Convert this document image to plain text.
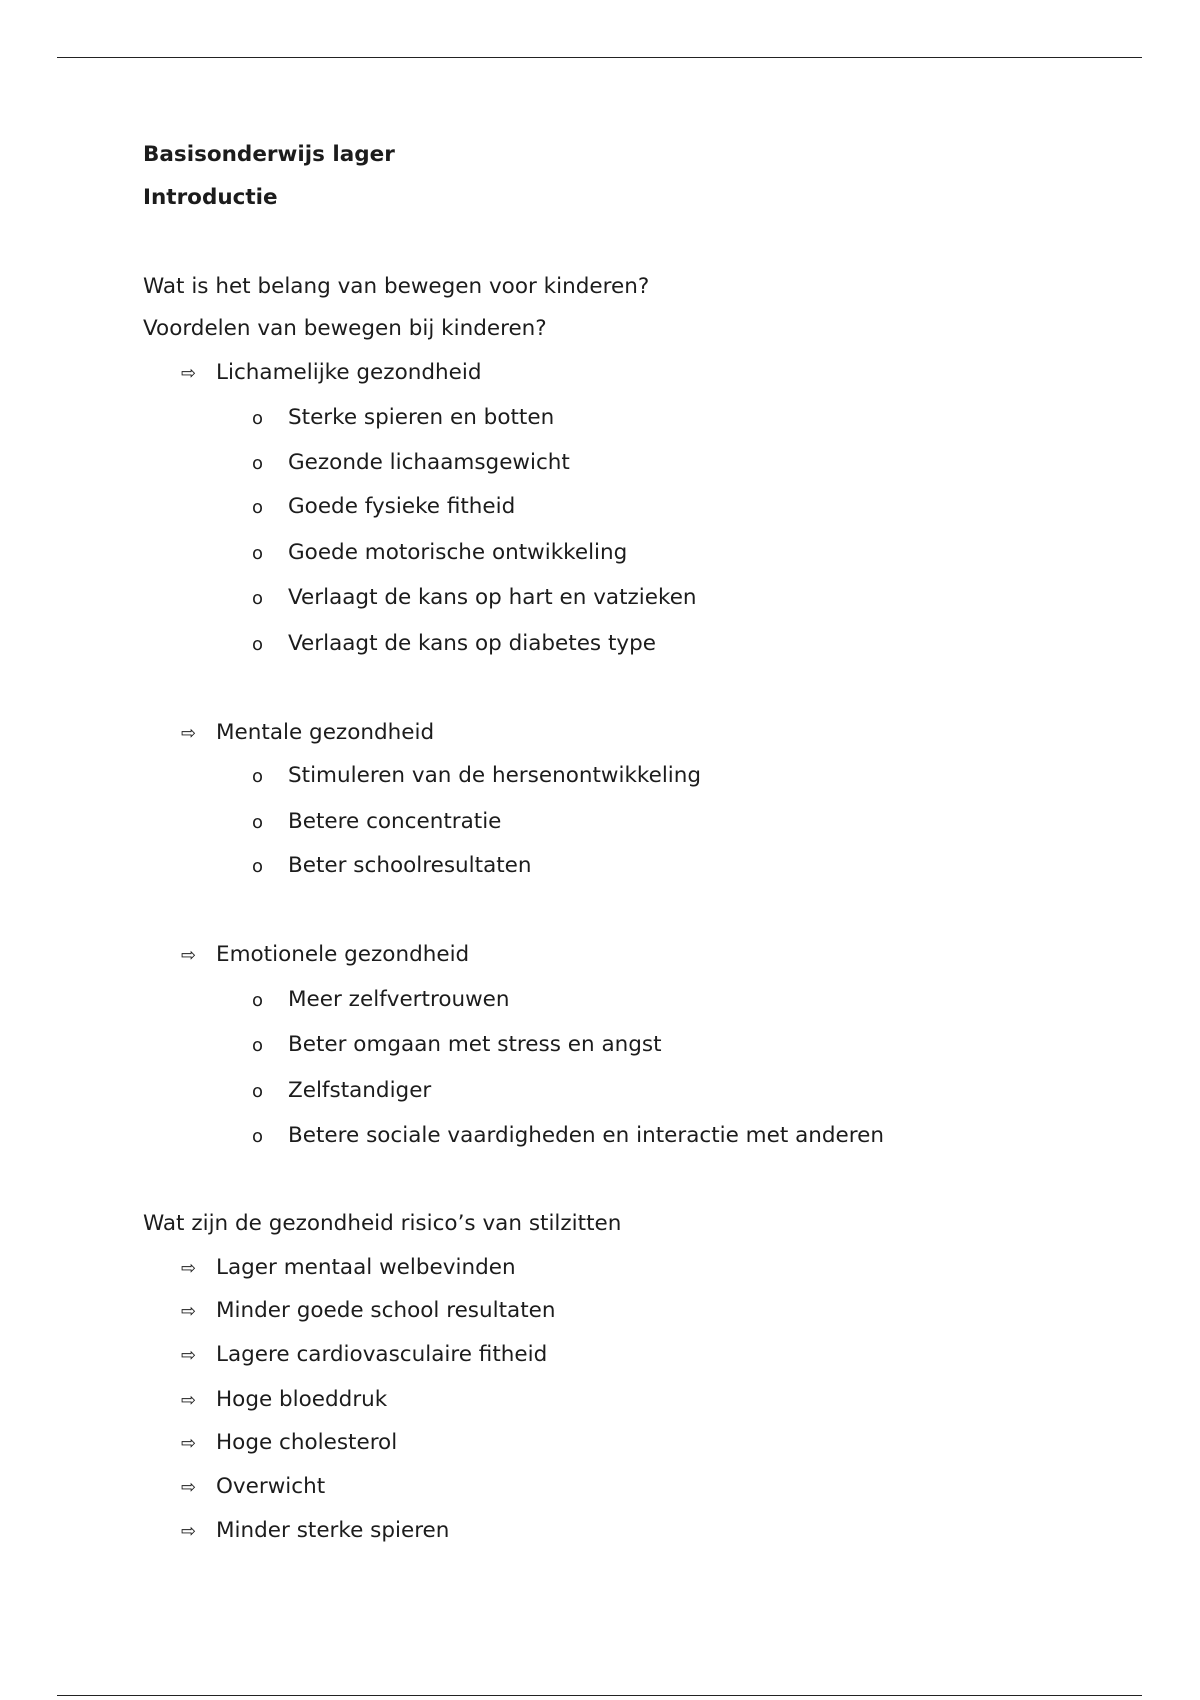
Basisonderwijs lager
Introductie
Wat is het belang van bewegen voor kinderen?
Voordelen van bewegen bij kinderen?
⇨ Lichamelijke gezondheid
o Sterke spieren en botten
o Gezonde lichaamsgewicht
o Goede fysieke fitheid
o Goede motorische ontwikkeling
o Verlaagt de kans op hart en vatzieken
o Verlaagt de kans op diabetes type
⇨ Mentale gezondheid
o Stimuleren van de hersenontwikkeling
o Betere concentratie
o Beter schoolresultaten
⇨ Emotionele gezondheid
o Meer zelfvertrouwen
o Beter omgaan met stress en angst
o Zelfstandiger
o Betere sociale vaardigheden en interactie met anderen
Wat zijn de gezondheid risico’s van stilzitten
⇨ Lager mentaal welbevinden
⇨ Minder goede school resultaten
⇨ Lagere cardiovasculaire fitheid
⇨ Hoge bloeddruk
⇨ Hoge cholesterol
⇨ Overwicht
⇨ Minder sterke spieren
